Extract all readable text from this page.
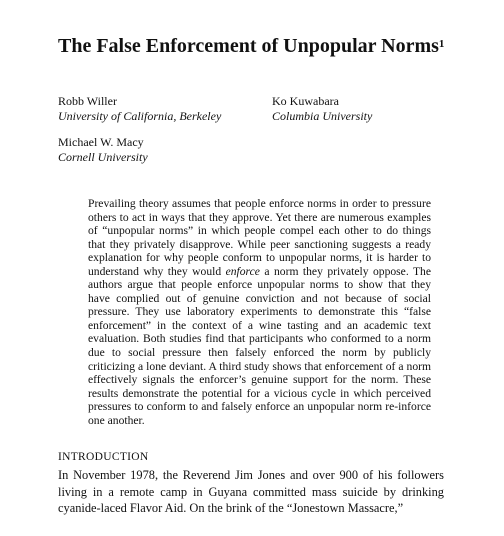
The False Enforcement of Unpopular Norms$^1$
Robb Willer
University of California, Berkeley
Ko Kuwabara
Columbia University
Michael W. Macy
Cornell University

Prevailing theory assumes that people enforce norms in order to pressure others to act in ways that they approve. Yet there are numerous examples of “unpopular norms” in which people compel each other to do things that they privately disapprove. While peer sanctioning suggests a ready explanation for why people conform to unpopular norms, it is harder to understand why they would enforce a norm they privately oppose. The authors argue that people enforce unpopular norms to show that they have complied out of genuine conviction and not because of social pressure. They use laboratory experiments to demonstrate this “false enforcement” in the context of a wine tasting and an academic text evaluation. Both studies find that participants who conformed to a norm due to social pressure then falsely enforced the norm by publicly criticizing a lone deviant. A third study shows that enforcement of a norm effectively signals the enforcer’s genuine support for the norm. These results demonstrate the potential for a vicious cycle in which perceived pressures to conform to and falsely enforce an unpopular norm re-inforce one another.

INTRODUCTION

In November 1978, the Reverend Jim Jones and over 900 of his followers living in a remote camp in Guyana committed mass suicide by drinking cyanide-laced Flavor Aid. On the brink of the “Jonestown Massacre,”
